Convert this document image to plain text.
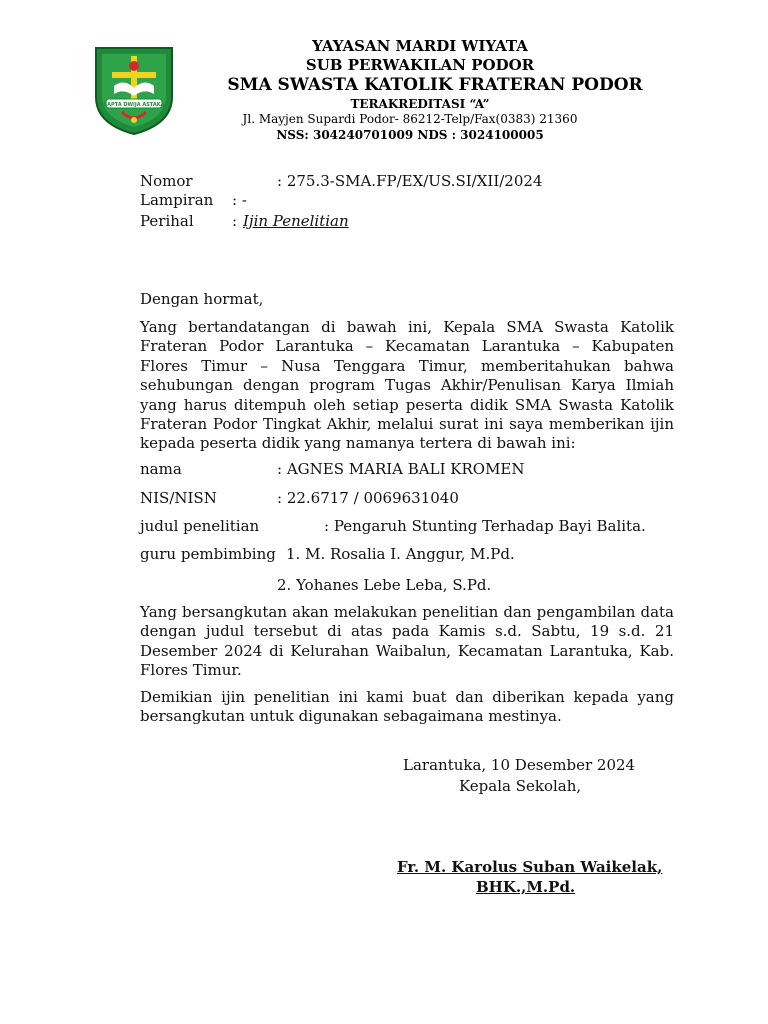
SAPTA DWIJA ASTAKA
YAYASAN MARDI WIYATA
SUB PERWAKILAN PODOR
SMA SWASTA KATOLIK FRATERAN PODOR
TERAKREDITASI “A”
Jl. Mayjen Supardi Podor- 86212-Telp/Fax(0383) 21360
NSS: 304240701009 NDS : 3024100005
Nomor	: 275.3-SMA.FP/EX/US.SI/XII/2024
Lampiran : -
Perihal	: Ijin Penelitian
Dengan hormat,
Yang bertandatangan di bawah ini, Kepala SMA Swasta Katolik Frateran Podor Larantuka – Kecamatan Larantuka – Kabupaten Flores Timur – Nusa Tenggara Timur, memberitahukan bahwa sehubungan dengan program Tugas Akhir/Penulisan Karya Ilmiah yang harus ditempuh oleh setiap peserta didik SMA Swasta Katolik Frateran Podor Tingkat Akhir, melalui surat ini saya memberikan ijin kepada peserta didik yang namanya tertera di bawah ini:
nama	: AGNES MARIA BALI KROMEN
NIS/NISN	: 22.6717 / 0069631040
judul penelitian	: Pengaruh Stunting Terhadap Bayi Balita.
guru pembimbing 1. M. Rosalia I. Anggur, M.Pd.
2. Yohanes Lebe Leba, S.Pd.
Yang bersangkutan akan melakukan penelitian dan pengambilan data dengan judul tersebut di atas pada Kamis s.d. Sabtu, 19 s.d. 21 Desember 2024 di Kelurahan Waibalun, Kecamatan Larantuka, Kab. Flores Timur.
Demikian ijin penelitian ini kami buat dan diberikan kepada yang bersangkutan untuk digunakan sebagaimana mestinya.
Larantuka, 10 Desember 2024
Kepala Sekolah,
Fr. M. Karolus Suban Waikelak,
BHK.,M.Pd.
